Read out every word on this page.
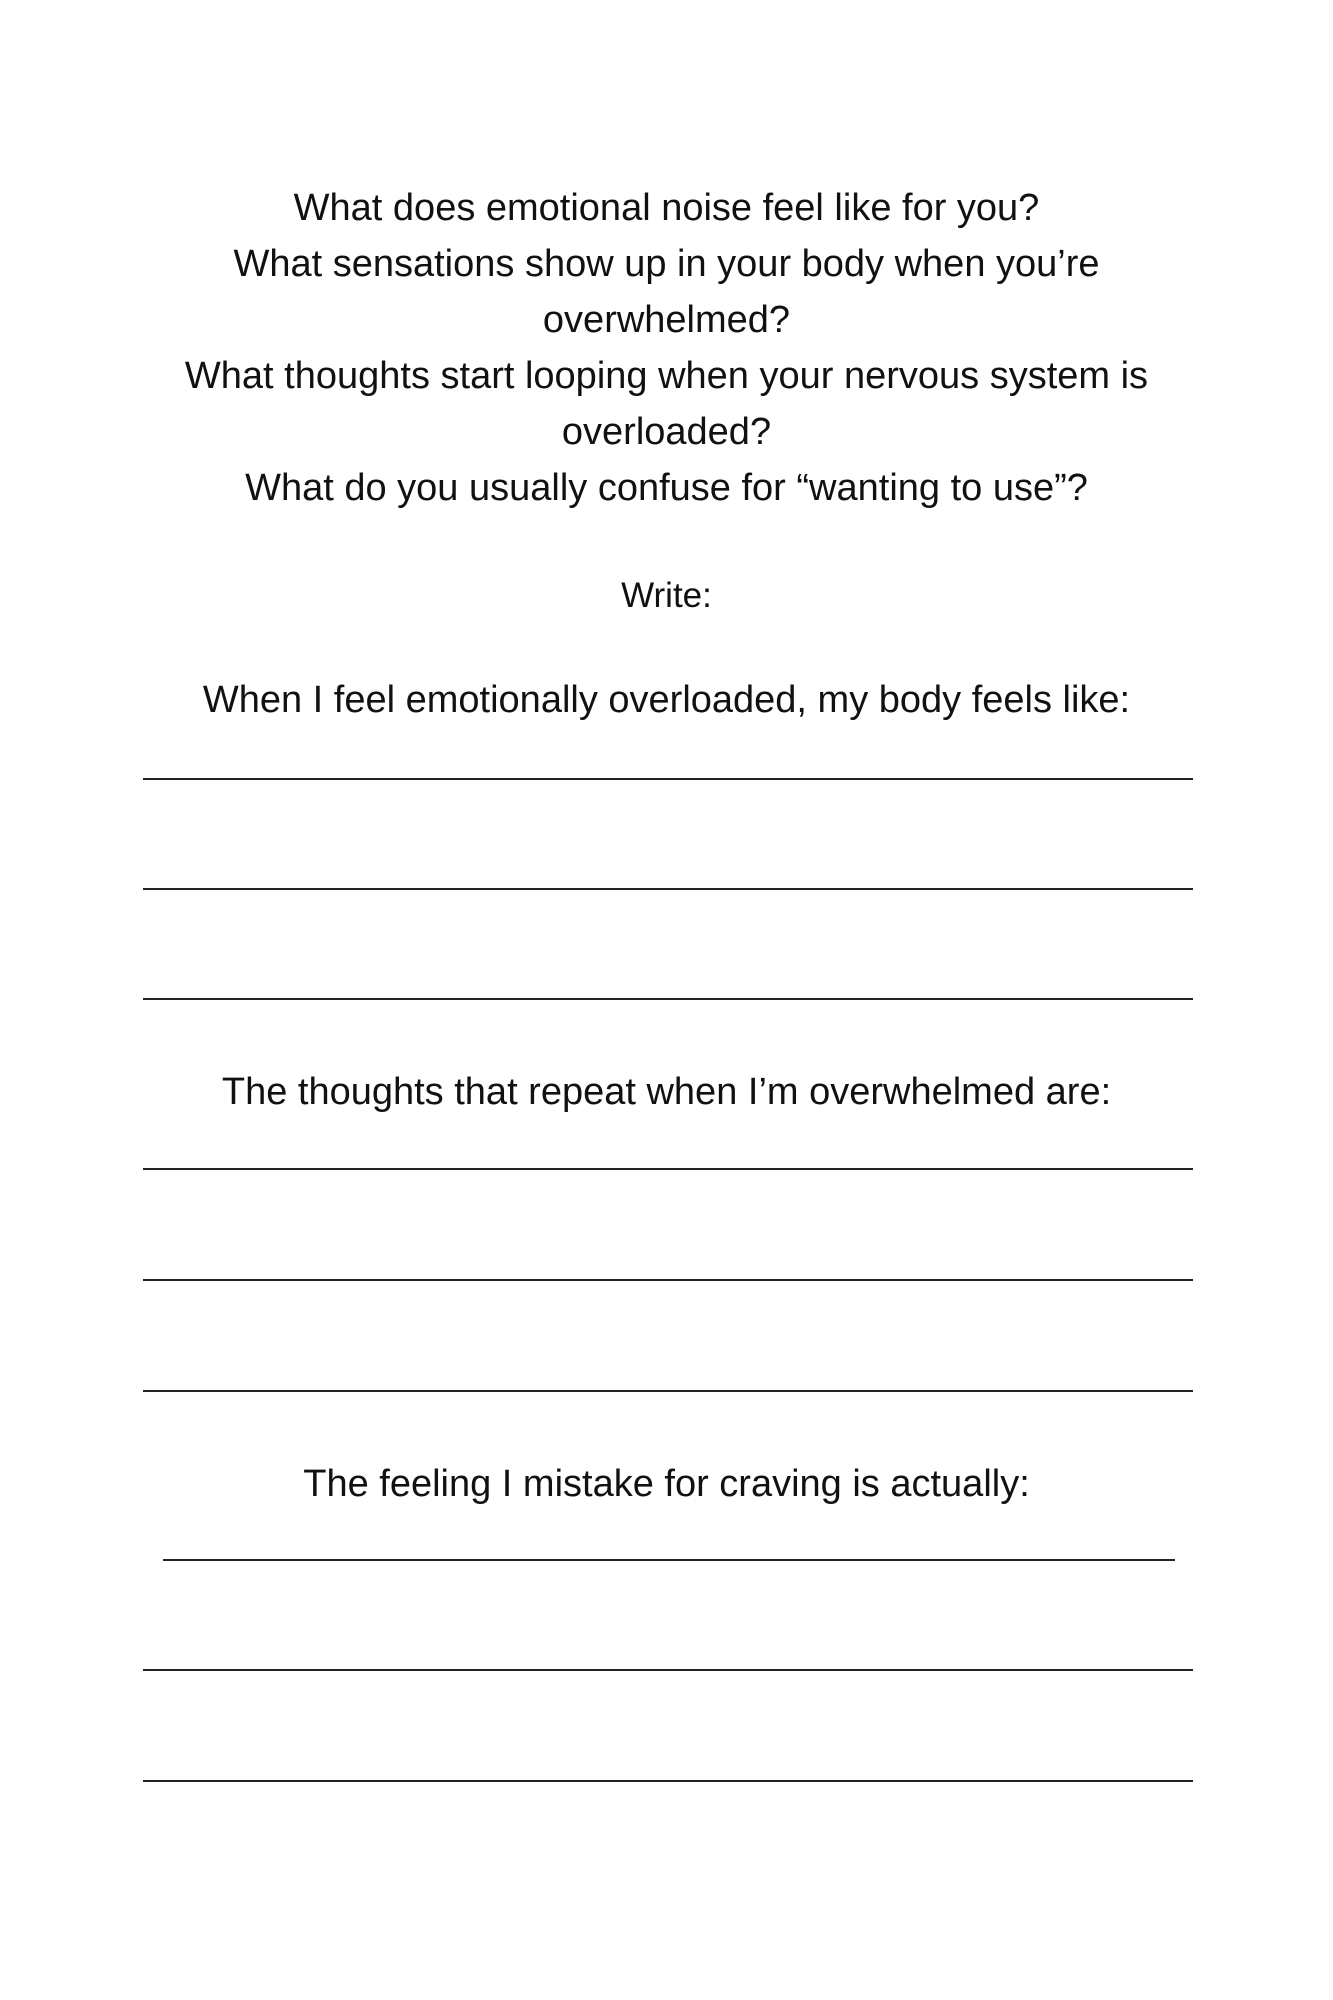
What does emotional noise feel like for you?
What sensations show up in your body when you’re overwhelmed?
What thoughts start looping when your nervous system is overloaded?
What do you usually confuse for “wanting to use”?
Write:
When I feel emotionally overloaded, my body feels like:
The thoughts that repeat when I’m overwhelmed are:
The feeling I mistake for craving is actually:
